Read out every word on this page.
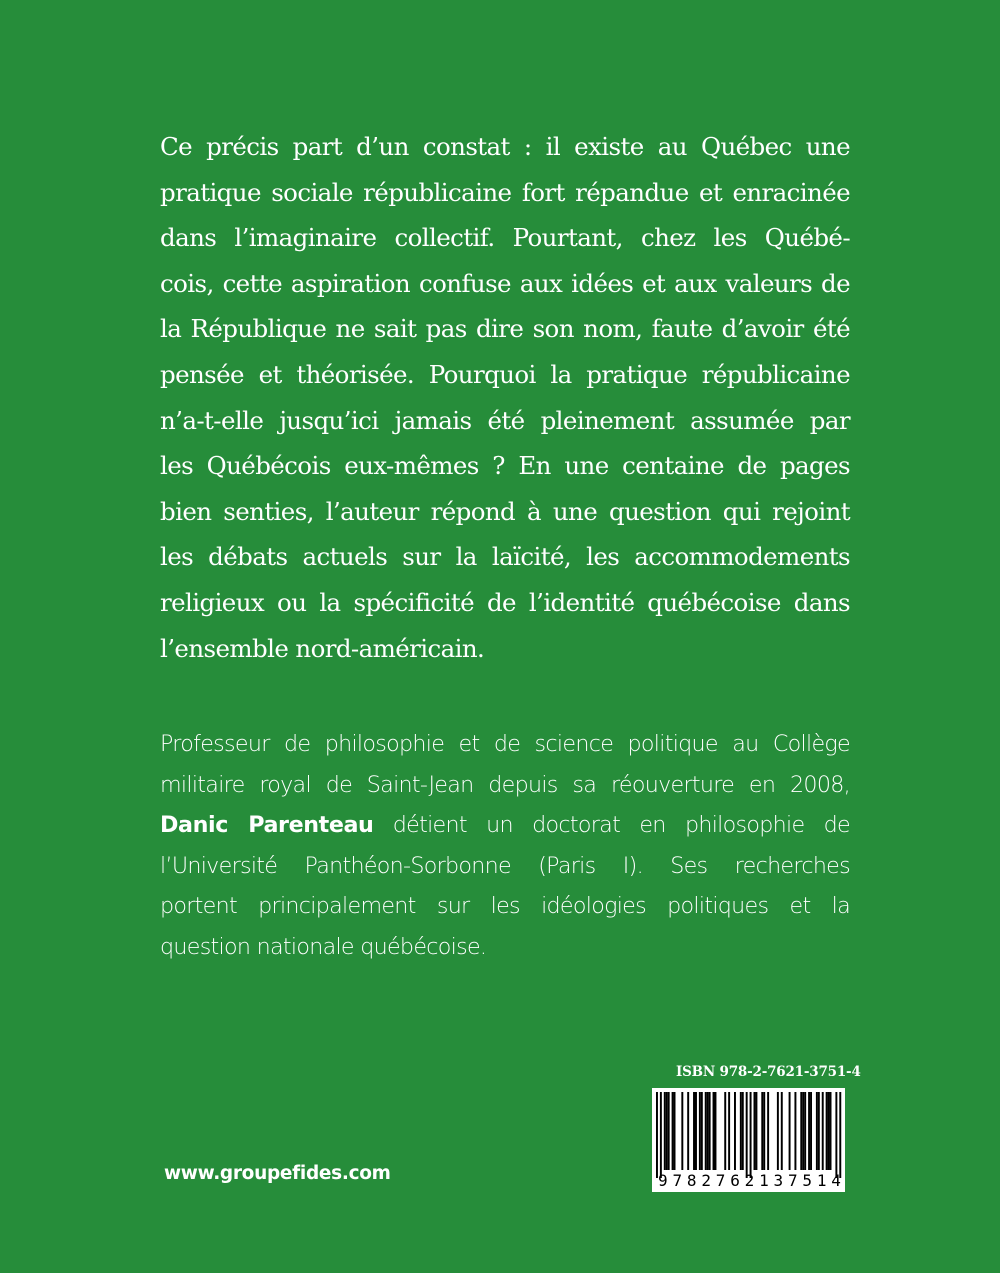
Ce précis part d’un constat : il existe au Québec une
pratique sociale républicaine fort répandue et enracinée
dans l’imaginaire collectif. Pourtant, chez les Québé-
cois, cette aspiration confuse aux idées et aux valeurs de
la République ne sait pas dire son nom, faute d’avoir été
pensée et théorisée. Pourquoi la pratique républicaine
n’a-t-elle jusqu’ici jamais été pleinement assumée par
les Québécois eux-mêmes ? En une centaine de pages
bien senties, l’auteur répond à une question qui rejoint
les débats actuels sur la laïcité, les accommodements
religieux ou la spécificité de l’identité québécoise dans
l’ensemble nord-américain.
Professeur de philosophie et de science politique au Collège
militaire royal de Saint-Jean depuis sa réouverture en 2008,
Danic Parenteau détient un doctorat en philosophie de
l’Université Panthéon-Sorbonne (Paris I). Ses recherches
portent principalement sur les idéologies politiques et la
question nationale québécoise.
www.groupefides.com
ISBN 978-2-7621-3751-4
9 7 8 2 7 6 2 1 3 7 5 1 4
